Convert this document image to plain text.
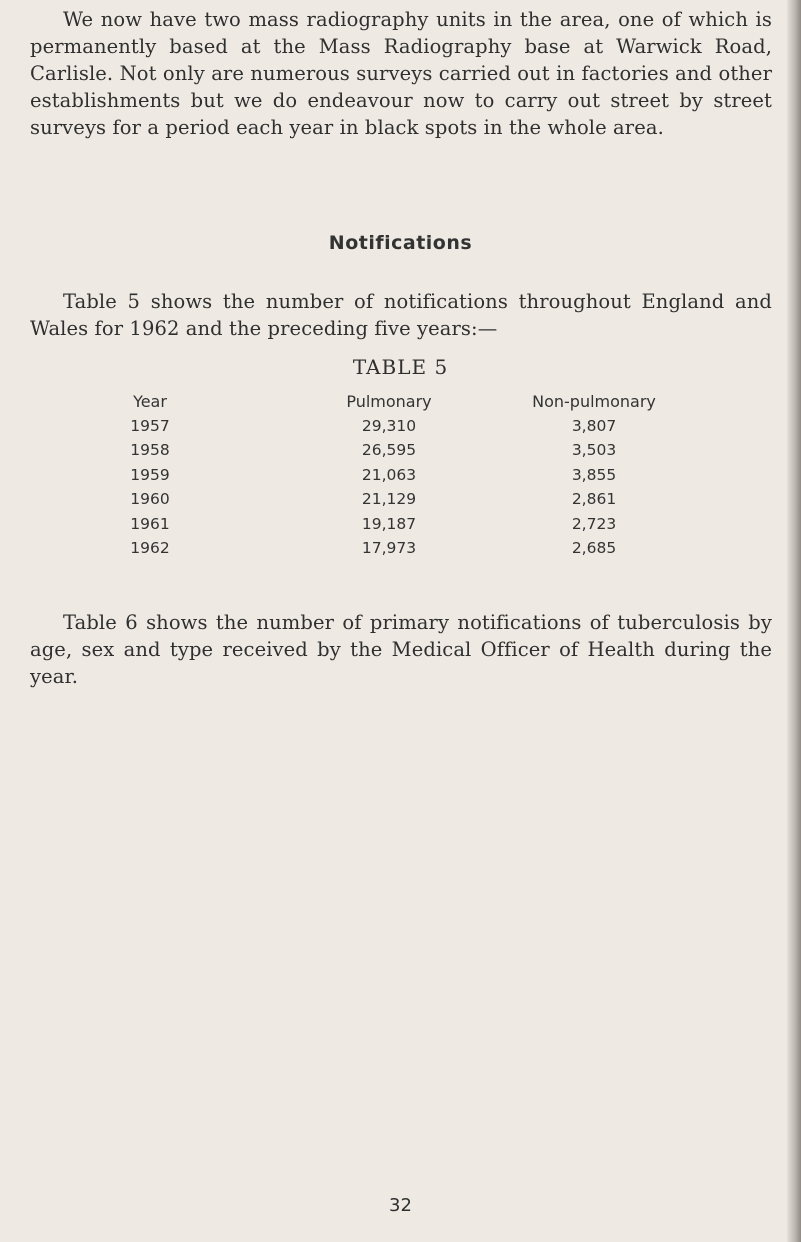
We now have two mass radiography units in the area, one of which is permanently based at the Mass Radiography base at Warwick Road, Carlisle. Not only are numerous surveys carried out in factories and other establishments but we do endeavour now to carry out street by street surveys for a period each year in black spots in the whole area.

Notifications

Table 5 shows the number of notifications throughout England and Wales for 1962 and the preceding five years:—

TABLE 5
Year	Pulmonary	Non-pulmonary
1957	29,310	3,807
1958	26,595	3,503
1959	21,063	3,855
1960	21,129	2,861
1961	19,187	2,723
1962	17,973	2,685

Table 6 shows the number of primary notifications of tuberculosis by age, sex and type received by the Medical Officer of Health during the year.

32
